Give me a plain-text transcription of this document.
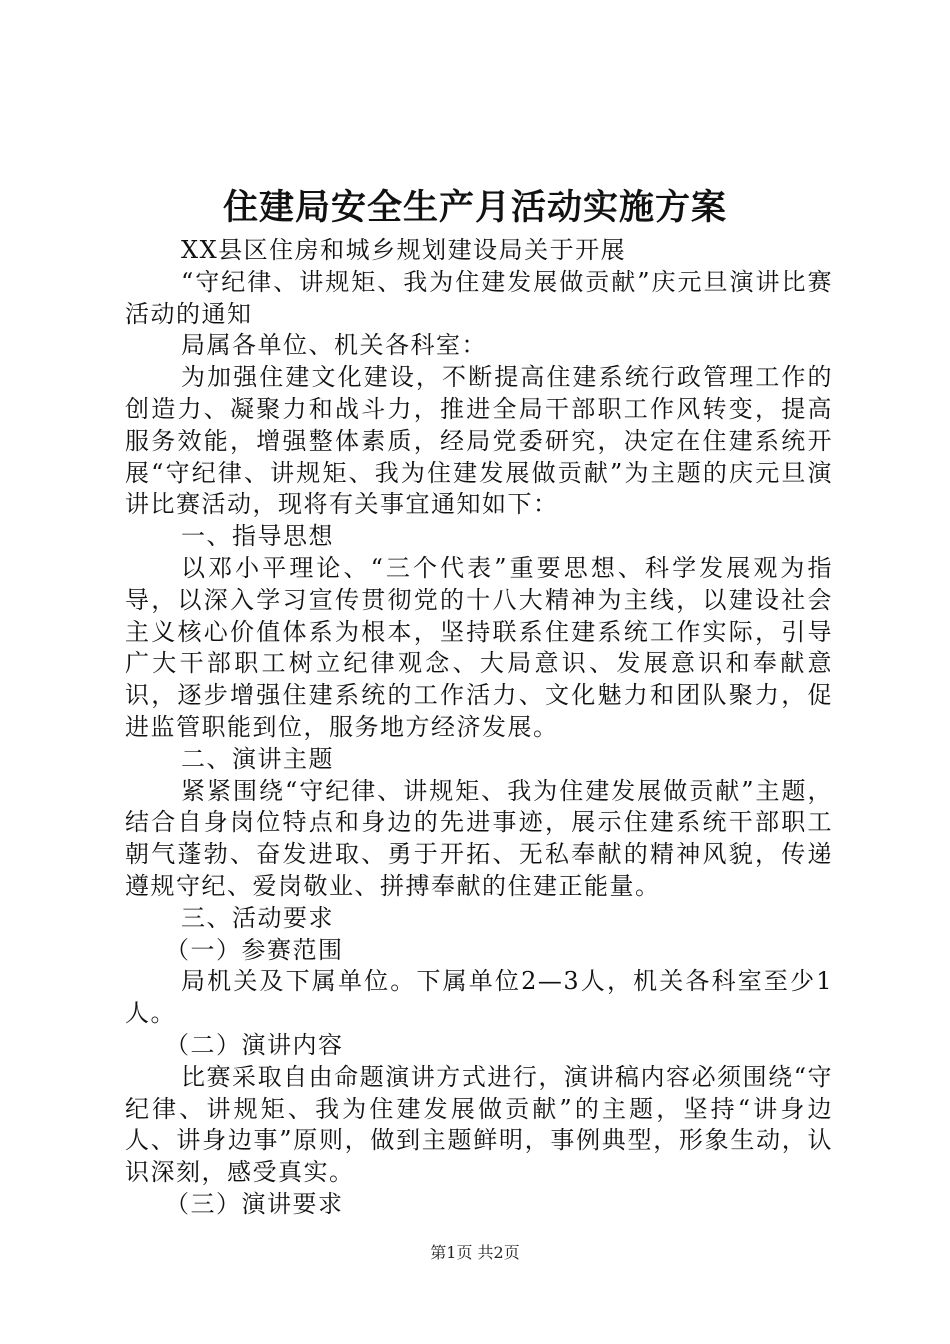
住建局安全生产月活动实施方案

XX县区住房和城乡规划建设局关于开展

“守纪律、讲规矩、我为住建发展做贡献”庆元旦演讲比赛活动的通知

局属各单位、机关各科室：

为加强住建文化建设，不断提高住建系统行政管理工作的创造力、凝聚力和战斗力，推进全局干部职工作风转变，提高服务效能，增强整体素质，经局党委研究，决定在住建系统开展“守纪律、讲规矩、我为住建发展做贡献”为主题的庆元旦演讲比赛活动，现将有关事宜通知如下：

一、指导思想

以邓小平理论、“三个代表”重要思想、科学发展观为指导，以深入学习宣传贯彻党的十八大精神为主线，以建设社会主义核心价值体系为根本，坚持联系住建系统工作实际，引导广大干部职工树立纪律观念、大局意识、发展意识和奉献意识，逐步增强住建系统的工作活力、文化魅力和团队聚力，促进监管职能到位，服务地方经济发展。

二、演讲主题

紧紧围绕“守纪律、讲规矩、我为住建发展做贡献”主题，结合自身岗位特点和身边的先进事迹，展示住建系统干部职工朝气蓬勃、奋发进取、勇于开拓、无私奉献的精神风貌，传递遵规守纪、爱岗敬业、拼搏奉献的住建正能量。

三、活动要求

（一）参赛范围

局机关及下属单位。下属单位2—3人，机关各科室至少1人。

（二）演讲内容

比赛采取自由命题演讲方式进行，演讲稿内容必须围绕“守纪律、讲规矩、我为住建发展做贡献”的主题，坚持“讲身边人、讲身边事”原则，做到主题鲜明，事例典型，形象生动，认识深刻，感受真实。

（三）演讲要求

第1页 共2页
